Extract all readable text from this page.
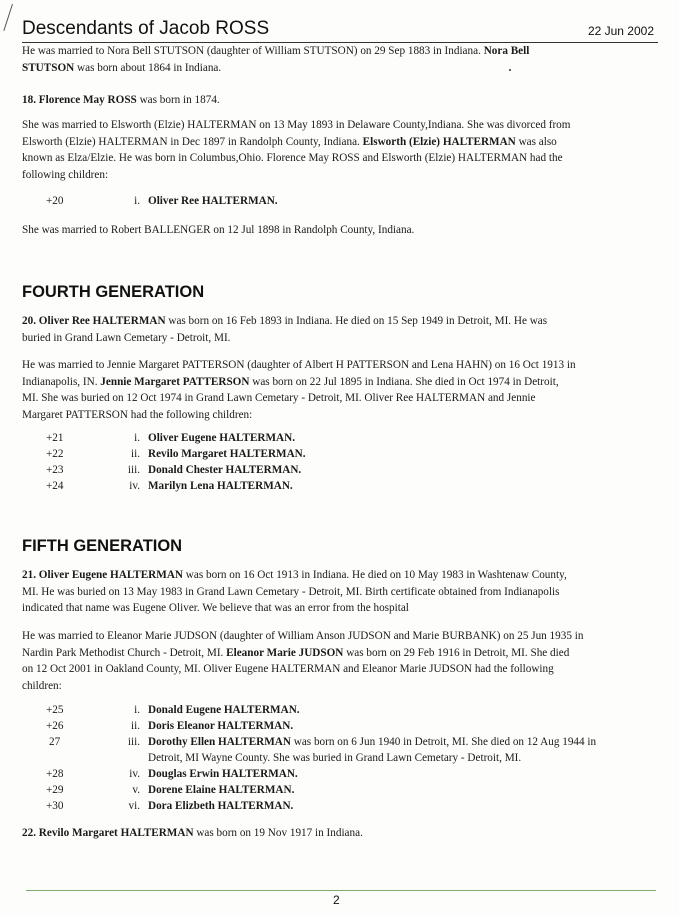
Descendants of Jacob ROSS	22 Jun 2002
He was married to Nora Bell STUTSON (daughter of William STUTSON) on 29 Sep 1883 in Indiana. Nora Bell
STUTSON was born about 1864 in Indiana.
18. Florence May ROSS was born in 1874.
She was married to Elsworth (Elzie) HALTERMAN on 13 May 1893 in Delaware County,Indiana. She was divorced from
Elsworth (Elzie) HALTERMAN in Dec 1897 in Randolph County, Indiana. Elsworth (Elzie) HALTERMAN was also
known as Elza/Elzie. He was born in Columbus,Ohio. Florence May ROSS and Elsworth (Elzie) HALTERMAN had the
following children:
+20	i. Oliver Ree HALTERMAN.
She was married to Robert BALLENGER on 12 Jul 1898 in Randolph County, Indiana.
FOURTH GENERATION
20. Oliver Ree HALTERMAN was born on 16 Feb 1893 in Indiana. He died on 15 Sep 1949 in Detroit, MI. He was
buried in Grand Lawn Cemetary - Detroit, MI.
He was married to Jennie Margaret PATTERSON (daughter of Albert H PATTERSON and Lena HAHN) on 16 Oct 1913 in
Indianapolis, IN. Jennie Margaret PATTERSON was born on 22 Jul 1895 in Indiana. She died in Oct 1974 in Detroit,
MI. She was buried on 12 Oct 1974 in Grand Lawn Cemetary - Detroit, MI. Oliver Ree HALTERMAN and Jennie
Margaret PATTERSON had the following children:
+21	i. Oliver Eugene HALTERMAN.
+22	ii. Revilo Margaret HALTERMAN.
+23	iii. Donald Chester HALTERMAN.
+24	iv. Marilyn Lena HALTERMAN.
FIFTH GENERATION
21. Oliver Eugene HALTERMAN was born on 16 Oct 1913 in Indiana. He died on 10 May 1983 in Washtenaw County,
MI. He was buried on 13 May 1983 in Grand Lawn Cemetary - Detroit, MI. Birth certificate obtained from Indianapolis
indicated that name was Eugene Oliver. We believe that was an error from the hospital
He was married to Eleanor Marie JUDSON (daughter of William Anson JUDSON and Marie BURBANK) on 25 Jun 1935 in
Nardin Park Methodist Church - Detroit, MI. Eleanor Marie JUDSON was born on 29 Feb 1916 in Detroit, MI. She died
on 12 Oct 2001 in Oakland County, MI. Oliver Eugene HALTERMAN and Eleanor Marie JUDSON had the following
children:
+25	i. Donald Eugene HALTERMAN.
+26	ii. Doris Eleanor HALTERMAN.
27	iii. Dorothy Ellen HALTERMAN was born on 6 Jun 1940 in Detroit, MI. She died on 12 Aug 1944 in
Detroit, MI Wayne County. She was buried in Grand Lawn Cemetary - Detroit, MI.
+28	iv. Douglas Erwin HALTERMAN.
+29	v. Dorene Elaine HALTERMAN.
+30	vi. Dora Elizbeth HALTERMAN.
22. Revilo Margaret HALTERMAN was born on 19 Nov 1917 in Indiana.
2
